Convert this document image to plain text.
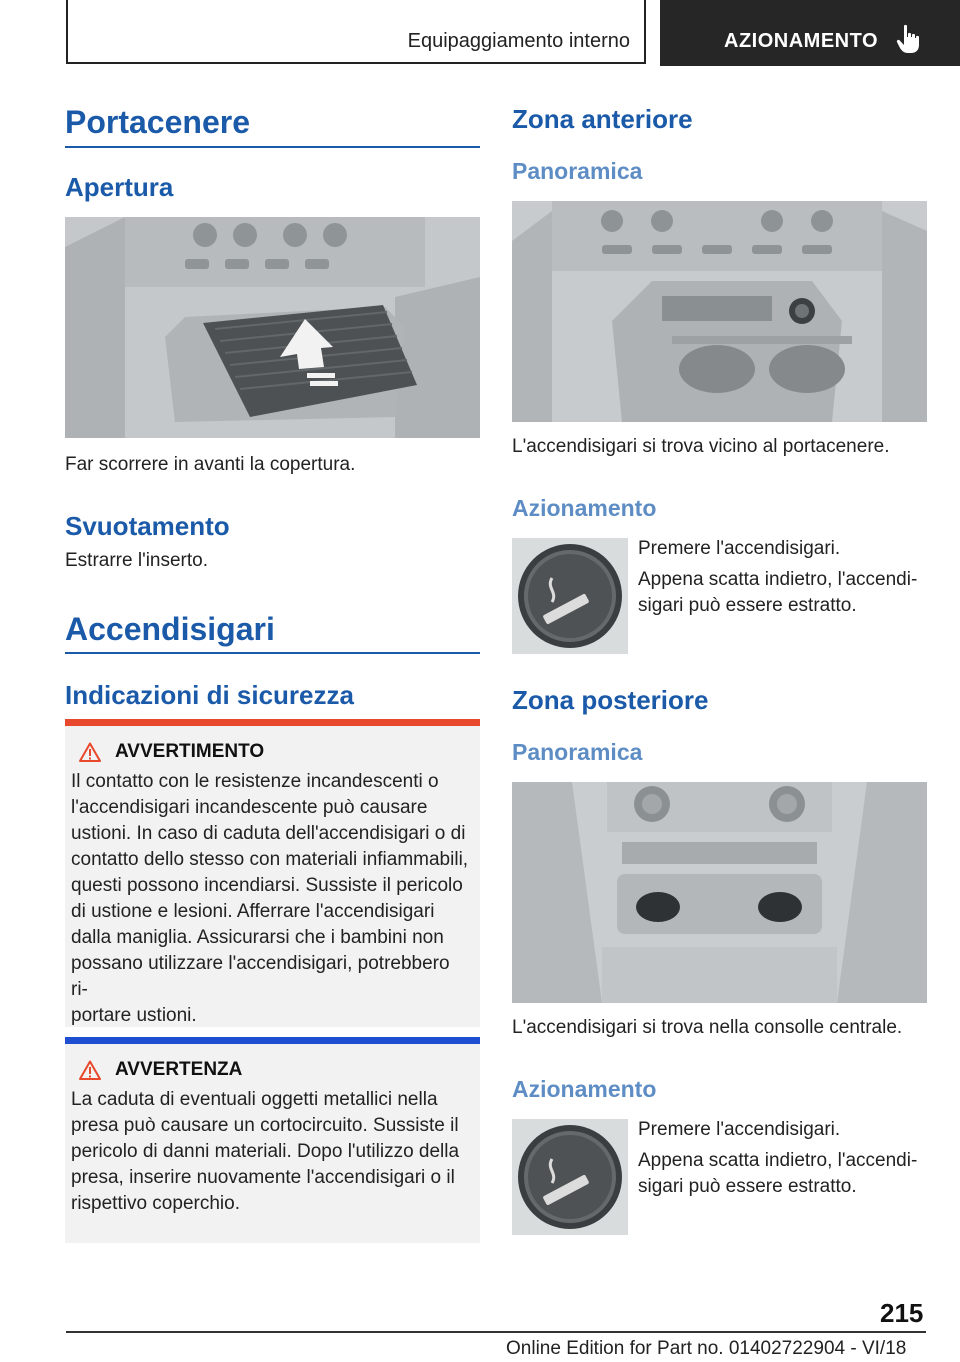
Equipaggiamento interno	AZIONAMENTO
Portacenere
Apertura
Far scorrere in avanti la copertura.
Svuotamento
Estrarre l'inserto.
Accendisigari
Indicazioni di sicurezza
AVVERTIMENTO
Il contatto con le resistenze incandescenti o
l'accendisigari incandescente può causare
ustioni. In caso di caduta dell'accendisigari o di
contatto dello stesso con materiali infiammabili,
questi possono incendiarsi. Sussiste il pericolo
di ustione e lesioni. Afferrare l'accendisigari
dalla maniglia. Assicurarsi che i bambini non
possano utilizzare l'accendisigari, potrebbero ri-
portare ustioni.
AVVERTENZA
La caduta di eventuali oggetti metallici nella
presa può causare un cortocircuito. Sussiste il
pericolo di danni materiali. Dopo l'utilizzo della
presa, inserire nuovamente l'accendisigari o il
rispettivo coperchio.
Zona anteriore
Panoramica
L'accendisigari si trova vicino al portacenere.
Azionamento
Premere l'accendisigari.
Appena scatta indietro, l'accendi-
sigari può essere estratto.
Zona posteriore
Panoramica
L'accendisigari si trova nella consolle centrale.
Azionamento
Premere l'accendisigari.
Appena scatta indietro, l'accendi-
sigari può essere estratto.
215
Online Edition for Part no. 01402722904 - VI/18
